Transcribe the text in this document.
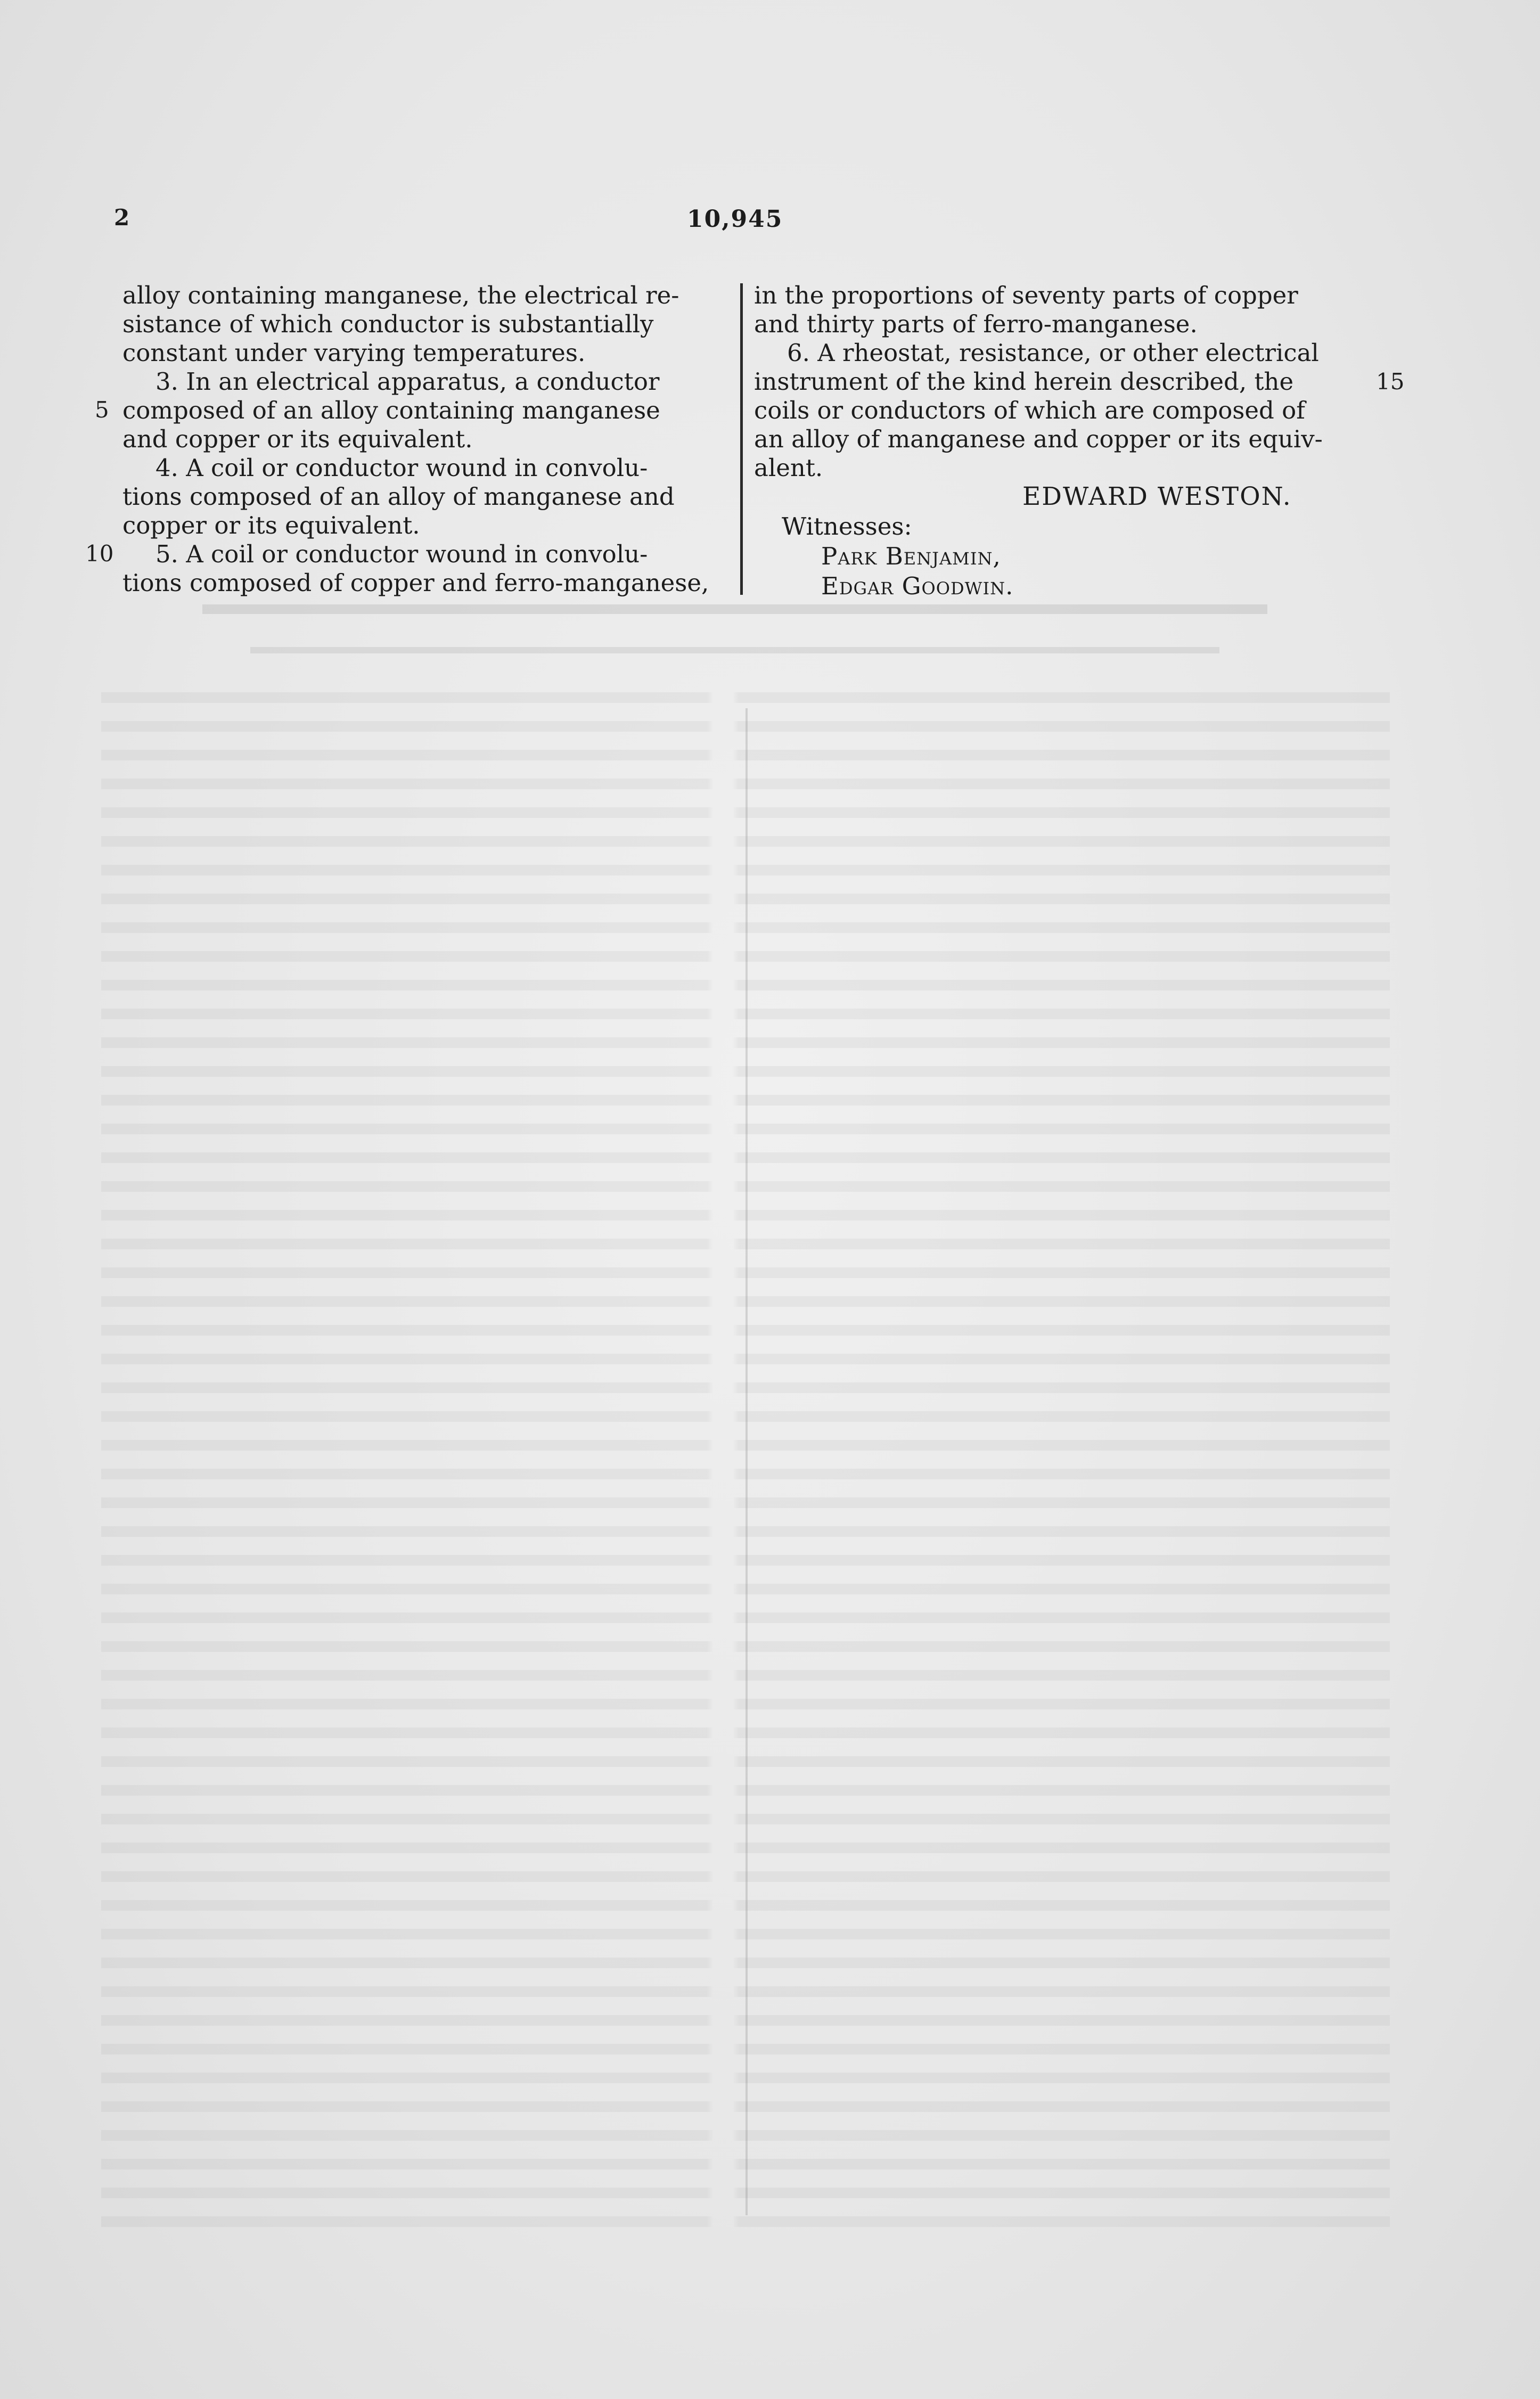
2	10,945
5
10
15
alloy containing manganese, the electrical re-
sistance of which conductor is substantially
constant under varying temperatures.
3. In an electrical apparatus, a conductor
composed of an alloy containing manganese
and copper or its equivalent.
4. A coil or conductor wound in convolu-
tions composed of an alloy of manganese and
copper or its equivalent.
5. A coil or conductor wound in convolu-
tions composed of copper and ferro-manganese,
in the proportions of seventy parts of copper
and thirty parts of ferro-manganese.
6. A rheostat, resistance, or other electrical
instrument of the kind herein described, the
coils or conductors of which are composed of
an alloy of manganese and copper or its equiv-
alent.
EDWARD WESTON.
Witnesses:
Park Benjamin,
Edgar Goodwin.
